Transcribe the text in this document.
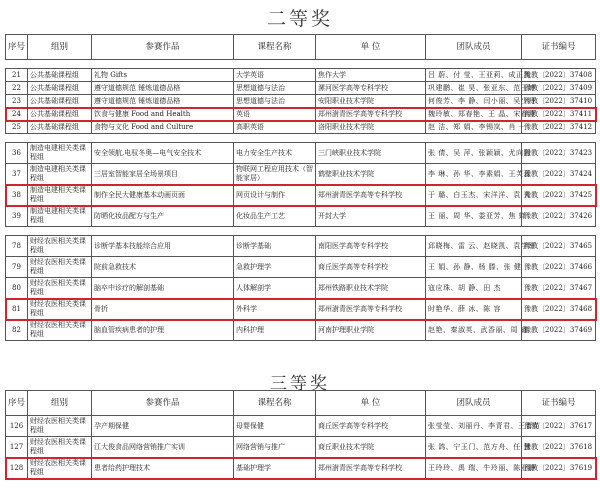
二等奖
序号	组别	参赛作品	课程名称	单 位	团队成员	证书编号

21	公共基础课程组	礼物 Gifts	大学英语	焦作大学	吕 蔚、付 莹、王亚莉、成正凯	豫教〔2022〕37408
22	公共基础课程组	遵守道德规范 锤炼道德品格	思想道德与法治	漯河医学高等专科学校	巩建鹏、崔 昊、张亚东、范玉婷	豫教〔2022〕37409
23	公共基础课程组	遵守道德规范 锤炼道德品格	思想道德与法治	安阳职业技术学院	何俊芳、李 静、闫小丽、吴少丹	豫教〔2022〕37410
24	公共基础课程组	饮食与健康 Food and Health	英语	郑州澍青医学高等专科学校	魏玲敏、郑春艳、王 晶、宋春燕	豫教〔2022〕37411
25	公共基础课程组	食物与文化 Food and Culture	高职英语	洛阳职业技术学院	赵 洁、郑 娟、李锡岚、肖 一	豫教〔2022〕37412

36	制造电建相关类课程组	安全领航,电驭冬奥—电气安全技术	电力安全生产技术	三门峡职业技术学院	张 倩、吴 萍、张颖颖、尤向阳	豫教〔2022〕37423
37	制造电建相关类课程组	三居室智能家居全场景项目	物联网工程应用技术（智能家居）	鹤壁职业技术学院	李 琳、孙 华、李素娟、王芙蕊	豫教〔2022〕37424
38	制造电建相关类课程组	制作全民大健康基本动画页面	网页设计与制作	郑州澍青医学高等专科学校	于 璐、白玉杰、宋洋洋、袁 夫	豫教〔2022〕37425
39	制造电建相关类课程组	防晒化妆品配方与生产	化妆品生产工艺	开封大学	王 丽、周 华、娄亚芳、焦 婵	豫教〔2022〕37426

78	财经农医相关类课程组	诊断学基本技能综合应用	诊断学基础	南阳医学高等专科学校	邱晓梅、雷 云、赵晓凯、袁学军	豫教〔2022〕37465
79	财经农医相关类课程组	院前急救技术	急救护理学	商丘医学高等专科学校	王 娟、孙 静、杨 滕、张 健	豫教〔2022〕37466
80	财经农医相关类课程组	脑卒中诊疗的解剖基础	人体解剖学	郑州铁路职业技术学院	寇应珠、胡 静、田 杰	豫教〔2022〕37467
81	财经农医相关类课程组	骨折	外科学	郑州澍青医学高等专科学校	时艳华、薛 冰、陈 容	豫教〔2022〕37468
82	财经农医相关类课程组	脑血管疾病患者的护理	内科护理	河南护理职业学院	赵艳、秦淑英、武香丽、周 鑫	豫教〔2022〕37469
三等奖
序号	组别	参赛作品	课程名称	单 位	团队成员	证书编号
126	财经农医相关类课程组	孕产期保健	母婴保健	商丘医学高等专科学校	张莹莹、刘丽丹、李青君、王晋苗	豫教〔2022〕37617
127	财经农医相关类课程组	江大俊食品网络营销推广实训	网络营销与推广	商丘职业技术学院	张 鸽、宁玉门、范方舟、任 慧	豫教〔2022〕37618
128	财经农医相关类课程组	患者给药护理技术	基础护理学	郑州澍青医学高等专科学校	王玲玲、禹 瑞、牛玲丽、陈亚静	豫教〔2022〕37619
